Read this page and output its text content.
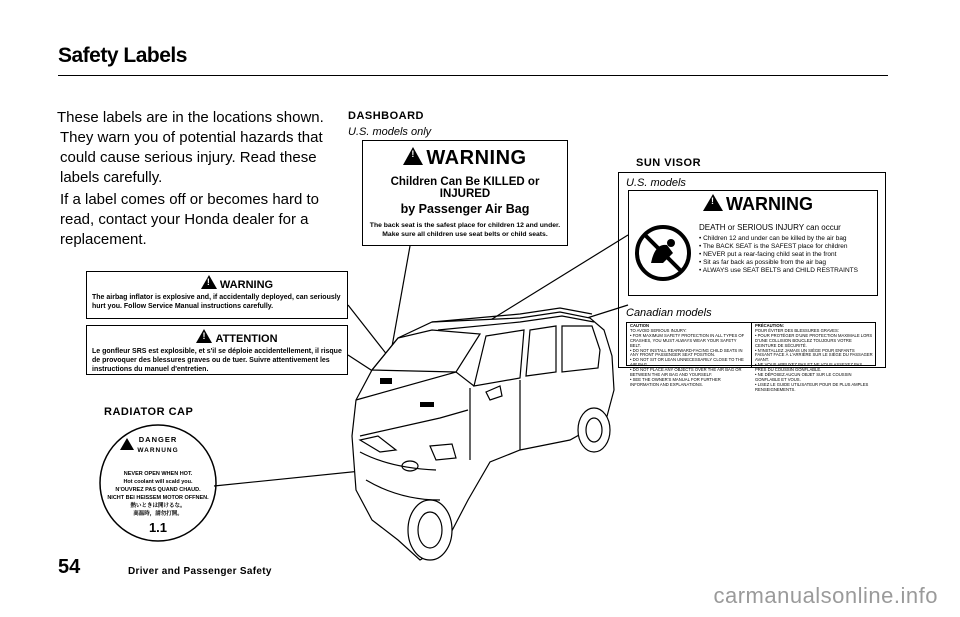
Safety Labels
These labels are in the locations shown. They warn you of potential hazards that could cause serious injury. Read these labels carefully.
If a label comes off or becomes hard to read, contact your Honda dealer for a replacement.
!WARNING
The airbag inflator is explosive and, if accidentally deployed, can seriously hurt you. Follow Service Manual instructions carefully.
!ATTENTION
Le gonfleur SRS est explosible, et s'il se déploie accidentellement, il risque de provoquer des blessures graves ou de tuer. Suivre attentivement les instructions du manuel d'entretien.
RADIATOR CAP
DANGER
WARNUNG
NEVER OPEN WHEN HOT.
Hot coolant will scald you.
N'OUVREZ PAS QUAND CHAUD.
NICHT BEI HEISSEM MOTOR OFFNEN.
熱いときは開けるな。
高温時，請勿打開。
1.1
DASHBOARD
U.S. models only
!WARNING
Children Can Be KILLED or INJURED
by Passenger Air Bag
The back seat is the safest place for children 12 and under.
Make sure all children use seat belts or child seats.
SUN VISOR
U.S. models
!WARNING
DEATH or SERIOUS INJURY can occur
• Children 12 and under can be killed by the air bag
• The BACK SEAT is the SAFEST place for children
• NEVER put a rear-facing child seat in the front
• Sit as far back as possible from the air bag
• ALWAYS use SEAT BELTS and CHILD RESTRAINTS
Canadian models
CAUTION
TO AVOID SERIOUS INJURY:
• FOR MAXIMUM SAFETY PROTECTION IN ALL TYPES OF CRASHES, YOU MUST ALWAYS WEAR YOUR SAFETY BELT.
• DO NOT INSTALL REARWARD-FACING CHILD SEATS IN ANY FRONT PASSENGER SEAT POSITION.
• DO NOT SIT OR LEAN UNNECESSARILY CLOSE TO THE AIR BAG.
• DO NOT PLACE ANY OBJECTS OVER THE AIR BAG OR BETWEEN THE AIR BAG AND YOURSELF.
• SEE THE OWNER'S MANUAL FOR FURTHER INFORMATION AND EXPLANATIONS.
PRÉCAUTION:
POUR ÉVITER DES BLESSURES GRAVES:
• POUR PROTÉGER D'UNE PROTECTION MAXIMALE LORS D'UNE COLLISION BOUCLEZ TOUJOURS VOTRE CEINTURE DE SÉCURITÉ.
• N'INSTALLEZ JAMAIS UN SIÈGE POUR ENFANTS FAISANT FACE À L'ARRIÈRE SUR LE SIÈGE DU PASSAGER AVANT.
• NE VOUS APPUYEZ PAS ET NE VOUS ASSEYEZ PAS PRÈS DU COUSSIN GONFLABLE.
• NE DÉPOSEZ AUCUN OBJET SUR LE COUSSIN GONFLABLE ET VOUS.
• LISEZ LE GUIDE UTILISATEUR POUR DE PLUS AMPLES RENSEIGNEMENTS.
54	Driver and Passenger Safety
carmanualsonline.info
